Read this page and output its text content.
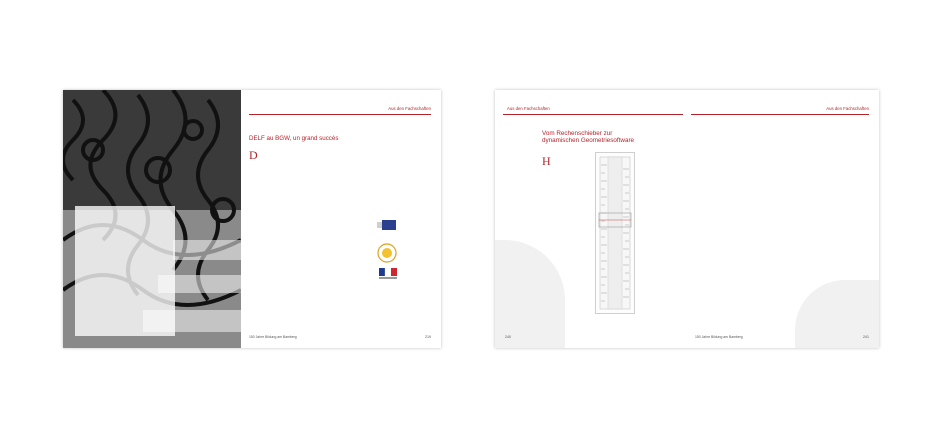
Aus den Fachschaften
DELF au BGW, un grand succès
D
150 Jahre Bildung am Bamberg	219
Aus den Fachschaften	Aus den Fachschaften
Vom Rechenschieber zur
dynamischen Geometriesoftware
H
240	150 Jahre Bildung am Bamberg	241
